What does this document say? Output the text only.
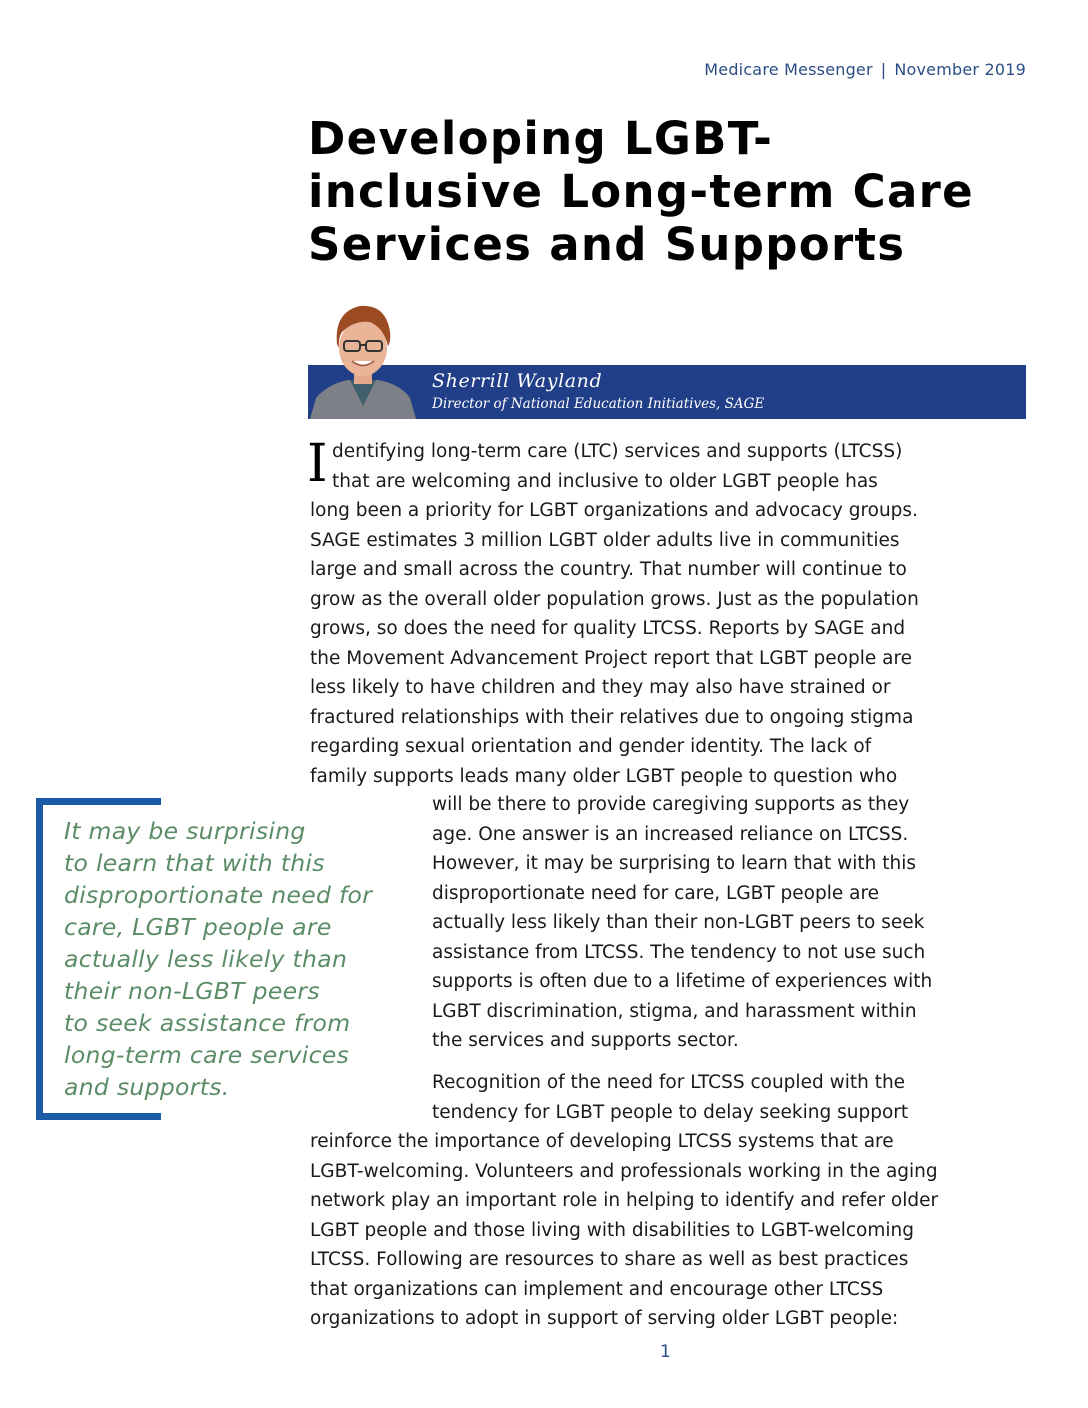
Medicare Messenger | November 2019
Developing LGBT-
inclusive Long-term Care
Services and Supports
Sherrill Wayland
Director of National Education Initiatives, SAGE
I dentifying long-term care (LTC) services and supports (LTCSS)
that are welcoming and inclusive to older LGBT people has
long been a priority for LGBT organizations and advocacy groups.
SAGE estimates 3 million LGBT older adults live in communities
large and small across the country. That number will continue to
grow as the overall older population grows. Just as the population
grows, so does the need for quality LTCSS. Reports by SAGE and
the Movement Advancement Project report that LGBT people are
less likely to have children and they may also have strained or
fractured relationships with their relatives due to ongoing stigma
regarding sexual orientation and gender identity. The lack of
family supports leads many older LGBT people to question who
will be there to provide caregiving supports as they
age. One answer is an increased reliance on LTCSS.
However, it may be surprising to learn that with this
disproportionate need for care, LGBT people are
actually less likely than their non-LGBT peers to seek
assistance from LTCSS. The tendency to not use such
supports is often due to a lifetime of experiences with
LGBT discrimination, stigma, and harassment within
the services and supports sector.
Recognition of the need for LTCSS coupled with the
tendency for LGBT people to delay seeking support
reinforce the importance of developing LTCSS systems that are
LGBT-welcoming. Volunteers and professionals working in the aging
network play an important role in helping to identify and refer older
LGBT people and those living with disabilities to LGBT-welcoming
LTCSS. Following are resources to share as well as best practices
that organizations can implement and encourage other LTCSS
organizations to adopt in support of serving older LGBT people:
It may be surprising
to learn that with this
disproportionate need for
care, LGBT people are
actually less likely than
their non-LGBT peers
to seek assistance from
long-term care services
and supports.
1
